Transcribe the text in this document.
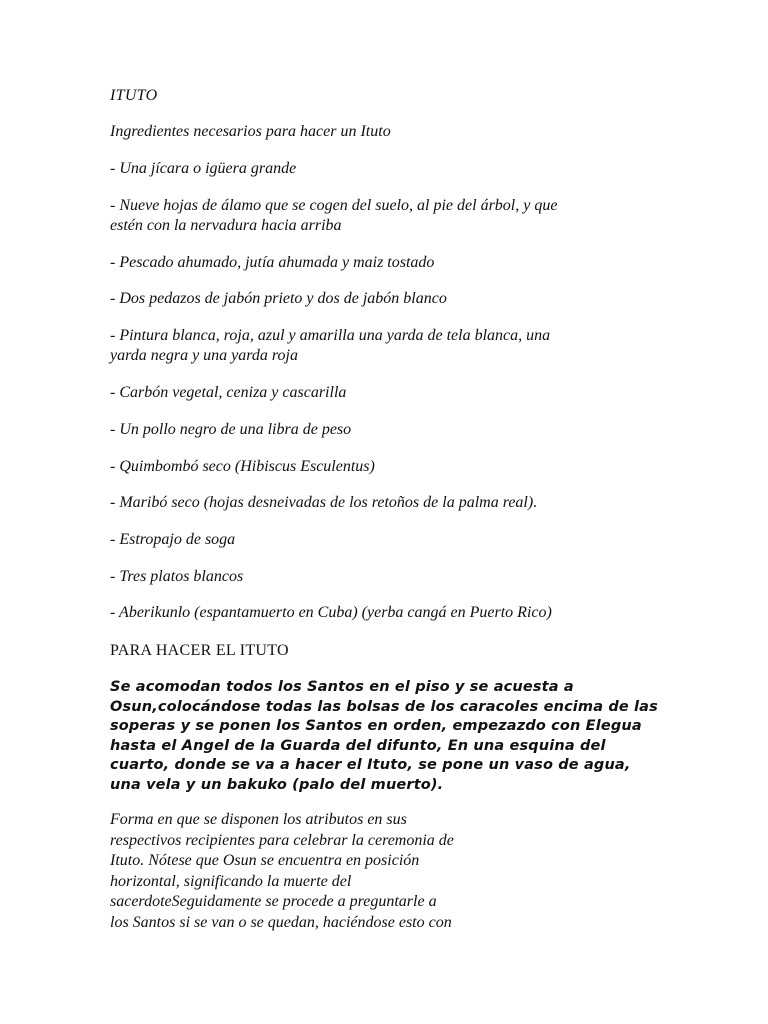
ITUTO

Ingredientes necesarios para hacer un Ituto

- Una jícara o igüera grande

- Nueve hojas de álamo que se cogen del suelo, al pie del árbol, y que
estén con la nervadura hacia arriba

- Pescado ahumado, jutía ahumada y maiz tostado

- Dos pedazos de jabón prieto y dos de jabón blanco

- Pintura blanca, roja, azul y amarilla una yarda de tela blanca, una
yarda negra y una yarda roja

- Carbón vegetal, ceniza y cascarilla

- Un pollo negro de una libra de peso

- Quimbombó seco (Hibiscus Esculentus)

- Maribó seco (hojas desneivadas de los retoños de la palma real).

- Estropajo de soga

- Tres platos blancos

- Aberikunlo (espantamuerto en Cuba) (yerba cangá en Puerto Rico)

PARA HACER EL ITUTO

Se acomodan todos los Santos en el piso y se acuesta a
Osun,colocándose todas las bolsas de los caracoles encima de las
soperas y se ponen los Santos en orden, empezazdo con Elegua
hasta el Angel de la Guarda del difunto, En una esquina del
cuarto, donde se va a hacer el Ituto, se pone un vaso de agua,
una vela y un bakuko (palo del muerto).

Forma en que se disponen los atributos en sus
respectivos recipientes para celebrar la ceremonia de
Ituto. Nótese que Osun se encuentra en posición
horizontal, significando la muerte del
sacerdoteSeguidamente se procede a preguntarle a
los Santos si se van o se quedan, haciéndose esto con
